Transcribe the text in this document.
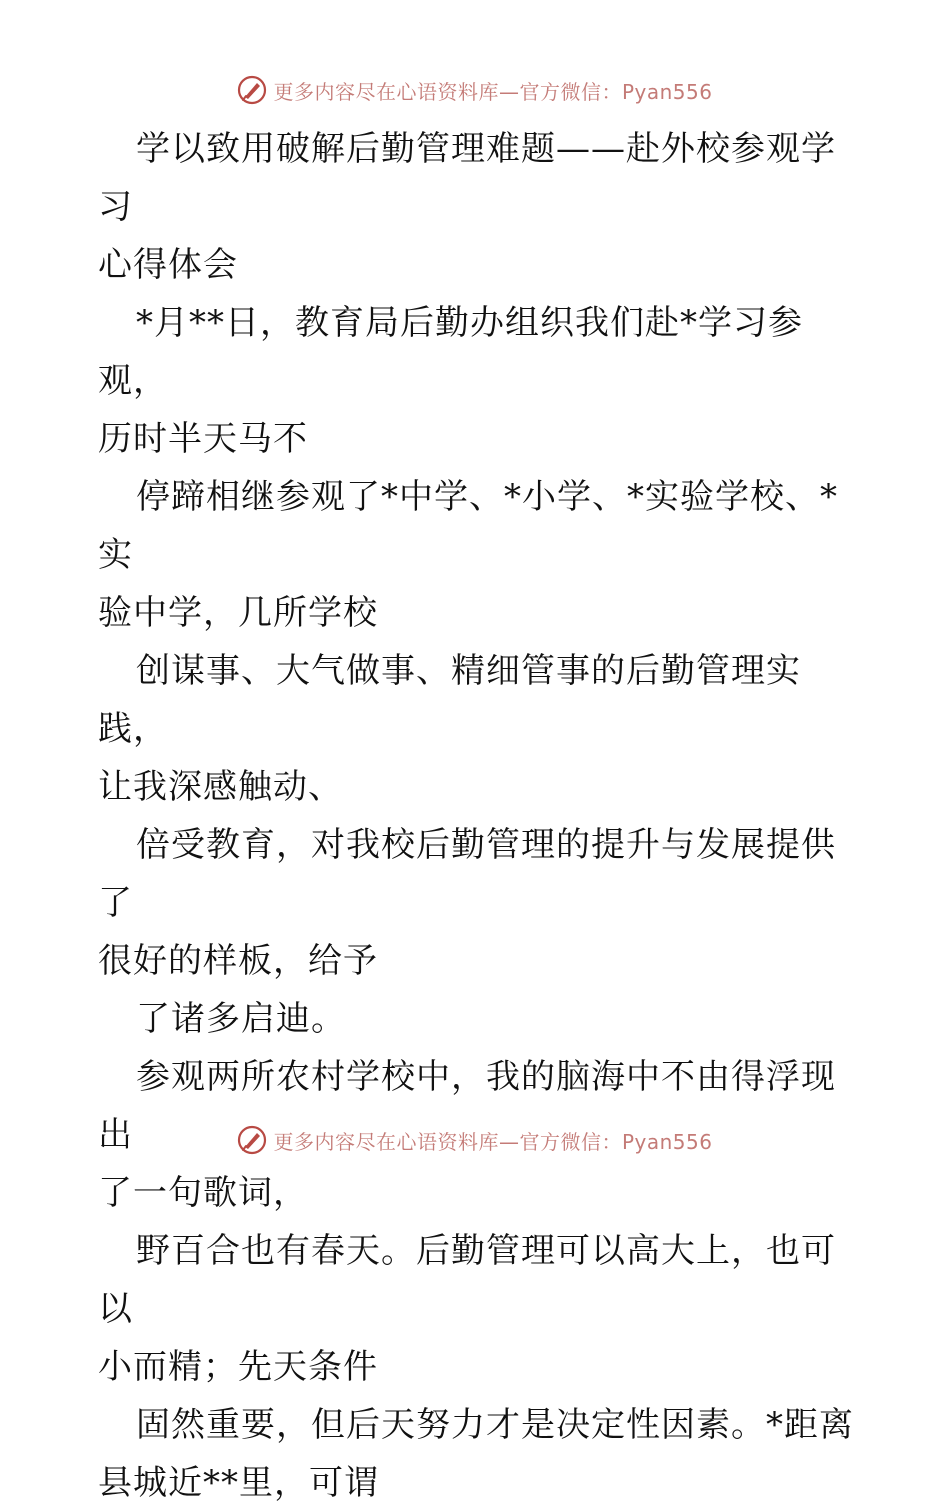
更多内容尽在心语资料库—官方微信：Pyan556

学以致用破解后勤管理难题——赴外校参观学习

心得体会

*月**日，教育局后勤办组织我们赴*学习参观，

历时半天马不

停蹄相继参观了*中学、*小学、*实验学校、*实

验中学，几所学校

创谋事、大气做事、精细管事的后勤管理实践，

让我深感触动、

倍受教育，对我校后勤管理的提升与发展提供了

很好的样板，给予

了诸多启迪。

参观两所农村学校中，我的脑海中不由得浮现出

了一句歌词，

野百合也有春天。后勤管理可以高大上，也可以

小而精；先天条件

固然重要，但后天努力才是决定性因素。*距离

县城近**里，可谓

更多内容尽在心语资料库—官方微信：Pyan556
